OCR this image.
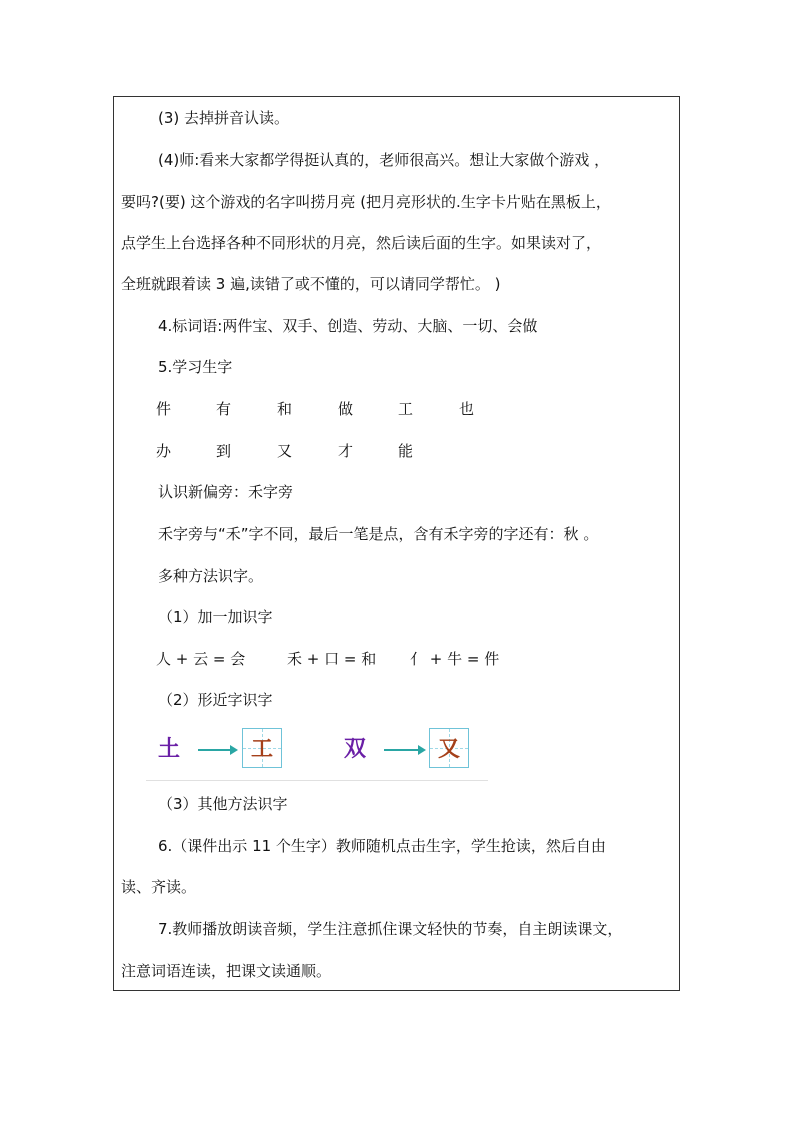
(3) 去掉拼音认读。
(4)师:看来大家都学得挺认真的，老师很高兴。想让大家做个游戏 ，
要吗?(要) 这个游戏的名字叫捞月亮 (把月亮形状的.生字卡片贴在黑板上，
点学生上台选择各种不同形状的月亮，然后读后面的生字。如果读对了，
全班就跟着读 3 遍,读错了或不懂的，可以请同学帮忙。 )
4.标词语:两件宝、双手、创造、劳动、大脑、一切、会做
5.学习生字
件	有	和	做	工	也
办	到	又	才	能
认识新偏旁：禾字旁
禾字旁与“禾”字不同，最后一笔是点，含有禾字旁的字还有：秋 。
多种方法识字。
（1）加一加识字
人 + 云 = 会	禾 + 口 = 和 亻 + 牛 = 件
（2）形近字识字
土	工	双	又
（3）其他方法识字
6.（课件出示 11 个生字）教师随机点击生字，学生抢读，然后自由
读、齐读。
7.教师播放朗读音频，学生注意抓住课文轻快的节奏，自主朗读课文，
注意词语连读，把课文读通顺。
